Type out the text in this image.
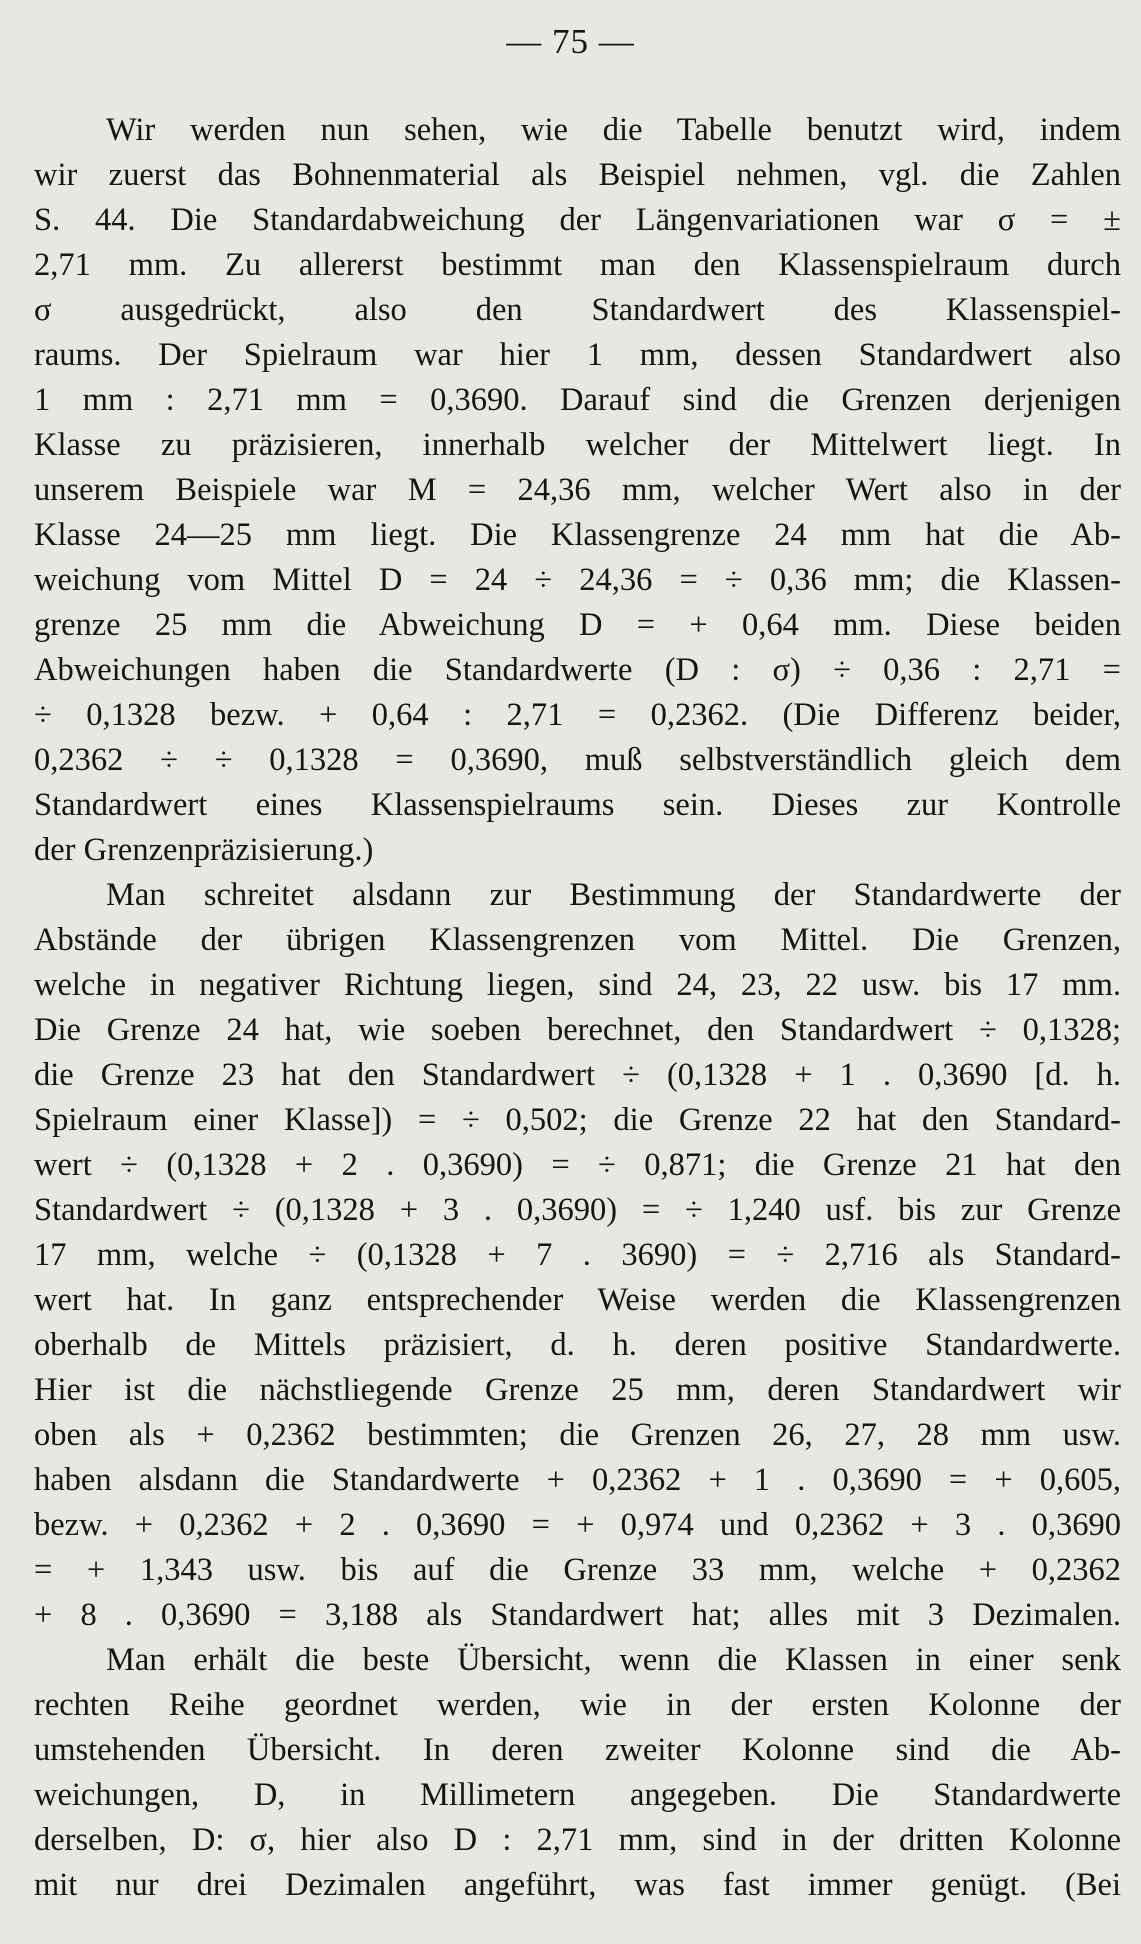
— 75 —
Wir werden nun sehen, wie die Tabelle benutzt wird, indem
wir zuerst das Bohnenmaterial als Beispiel nehmen, vgl. die Zahlen
S. 44. Die Standardabweichung der Längenvariationen war σ = ±
2,71 mm. Zu allererst bestimmt man den Klassenspielraum durch
σ ausgedrückt, also den Standardwert des Klassenspiel-
raums. Der Spielraum war hier 1 mm, dessen Standardwert also
1 mm : 2,71 mm = 0,3690. Darauf sind die Grenzen derjenigen
Klasse zu präzisieren, innerhalb welcher der Mittelwert liegt. In
unserem Beispiele war M = 24,36 mm, welcher Wert also in der
Klasse 24—25 mm liegt. Die Klassengrenze 24 mm hat die Ab-
weichung vom Mittel D = 24 ÷ 24,36 = ÷ 0,36 mm; die Klassen-
grenze 25 mm die Abweichung D = + 0,64 mm. Diese beiden
Abweichungen haben die Standardwerte (D : σ) ÷ 0,36 : 2,71 =
÷ 0,1328 bezw. + 0,64 : 2,71 = 0,2362. (Die Differenz beider,
0,2362 ÷ ÷ 0,1328 = 0,3690, muß selbstverständlich gleich dem
Standardwert eines Klassenspielraums sein. Dieses zur Kontrolle
der Grenzenpräzisierung.)
Man schreitet alsdann zur Bestimmung der Standardwerte der
Abstände der übrigen Klassengrenzen vom Mittel. Die Grenzen,
welche in negativer Richtung liegen, sind 24, 23, 22 usw. bis 17 mm.
Die Grenze 24 hat, wie soeben berechnet, den Standardwert ÷ 0,1328;
die Grenze 23 hat den Standardwert ÷ (0,1328 + 1 . 0,3690 [d. h.
Spielraum einer Klasse]) = ÷ 0,502; die Grenze 22 hat den Standard-
wert ÷ (0,1328 + 2 . 0,3690) = ÷ 0,871; die Grenze 21 hat den
Standardwert ÷ (0,1328 + 3 . 0,3690) = ÷ 1,240 usf. bis zur Grenze
17 mm, welche ÷ (0,1328 + 7 . 3690) = ÷ 2,716 als Standard-
wert hat. In ganz entsprechender Weise werden die Klassengrenzen
oberhalb de Mittels präzisiert, d. h. deren positive Standardwerte.
Hier ist die nächstliegende Grenze 25 mm, deren Standardwert wir
oben als + 0,2362 bestimmten; die Grenzen 26, 27, 28 mm usw.
haben alsdann die Standardwerte + 0,2362 + 1 . 0,3690 = + 0,605,
bezw. + 0,2362 + 2 . 0,3690 = + 0,974 und 0,2362 + 3 . 0,3690
= + 1,343 usw. bis auf die Grenze 33 mm, welche + 0,2362
+ 8 . 0,3690 = 3,188 als Standardwert hat; alles mit 3 Dezimalen.
Man erhält die beste Übersicht, wenn die Klassen in einer senk
rechten Reihe geordnet werden, wie in der ersten Kolonne der
umstehenden Übersicht. In deren zweiter Kolonne sind die Ab-
weichungen, D, in Millimetern angegeben. Die Standardwerte
derselben, D: σ, hier also D : 2,71 mm, sind in der dritten Kolonne
mit nur drei Dezimalen angeführt, was fast immer genügt. (Bei
